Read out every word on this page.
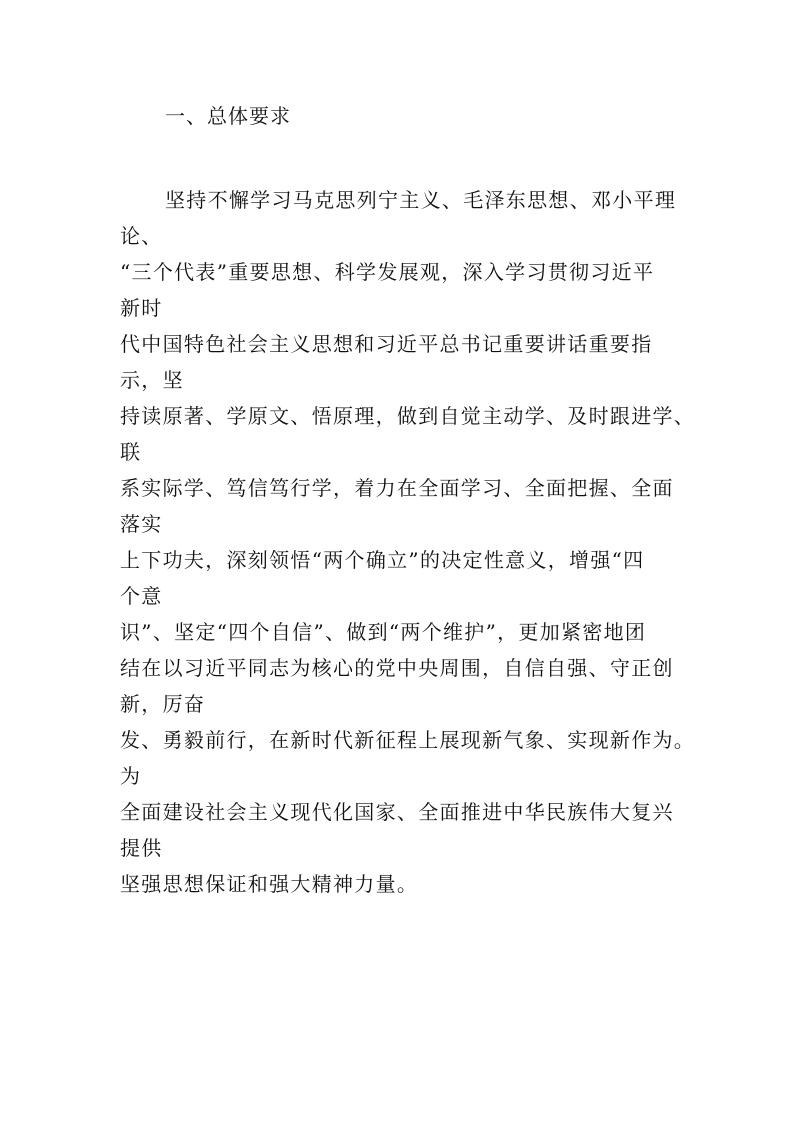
一、总体要求
坚持不懈学习马克思列宁主义、毛泽东思想、邓小平理
论、
“三个代表”重要思想、科学发展观，深入学习贯彻习近平
新时
代中国特色社会主义思想和习近平总书记重要讲话重要指
示，坚
持读原著、学原文、悟原理，做到自觉主动学、及时跟进学、
联
系实际学、笃信笃行学，着力在全面学习、全面把握、全面
落实
上下功夫，深刻领悟“两个确立”的决定性意义，增强“四
个意
识”、坚定“四个自信”、做到“两个维护”，更加紧密地团
结在以习近平同志为核心的党中央周围，自信自强、守正创
新，厉奋
发、勇毅前行，在新时代新征程上展现新气象、实现新作为。
为
全面建设社会主义现代化国家、全面推进中华民族伟大复兴
提供
坚强思想保证和强大精神力量。
